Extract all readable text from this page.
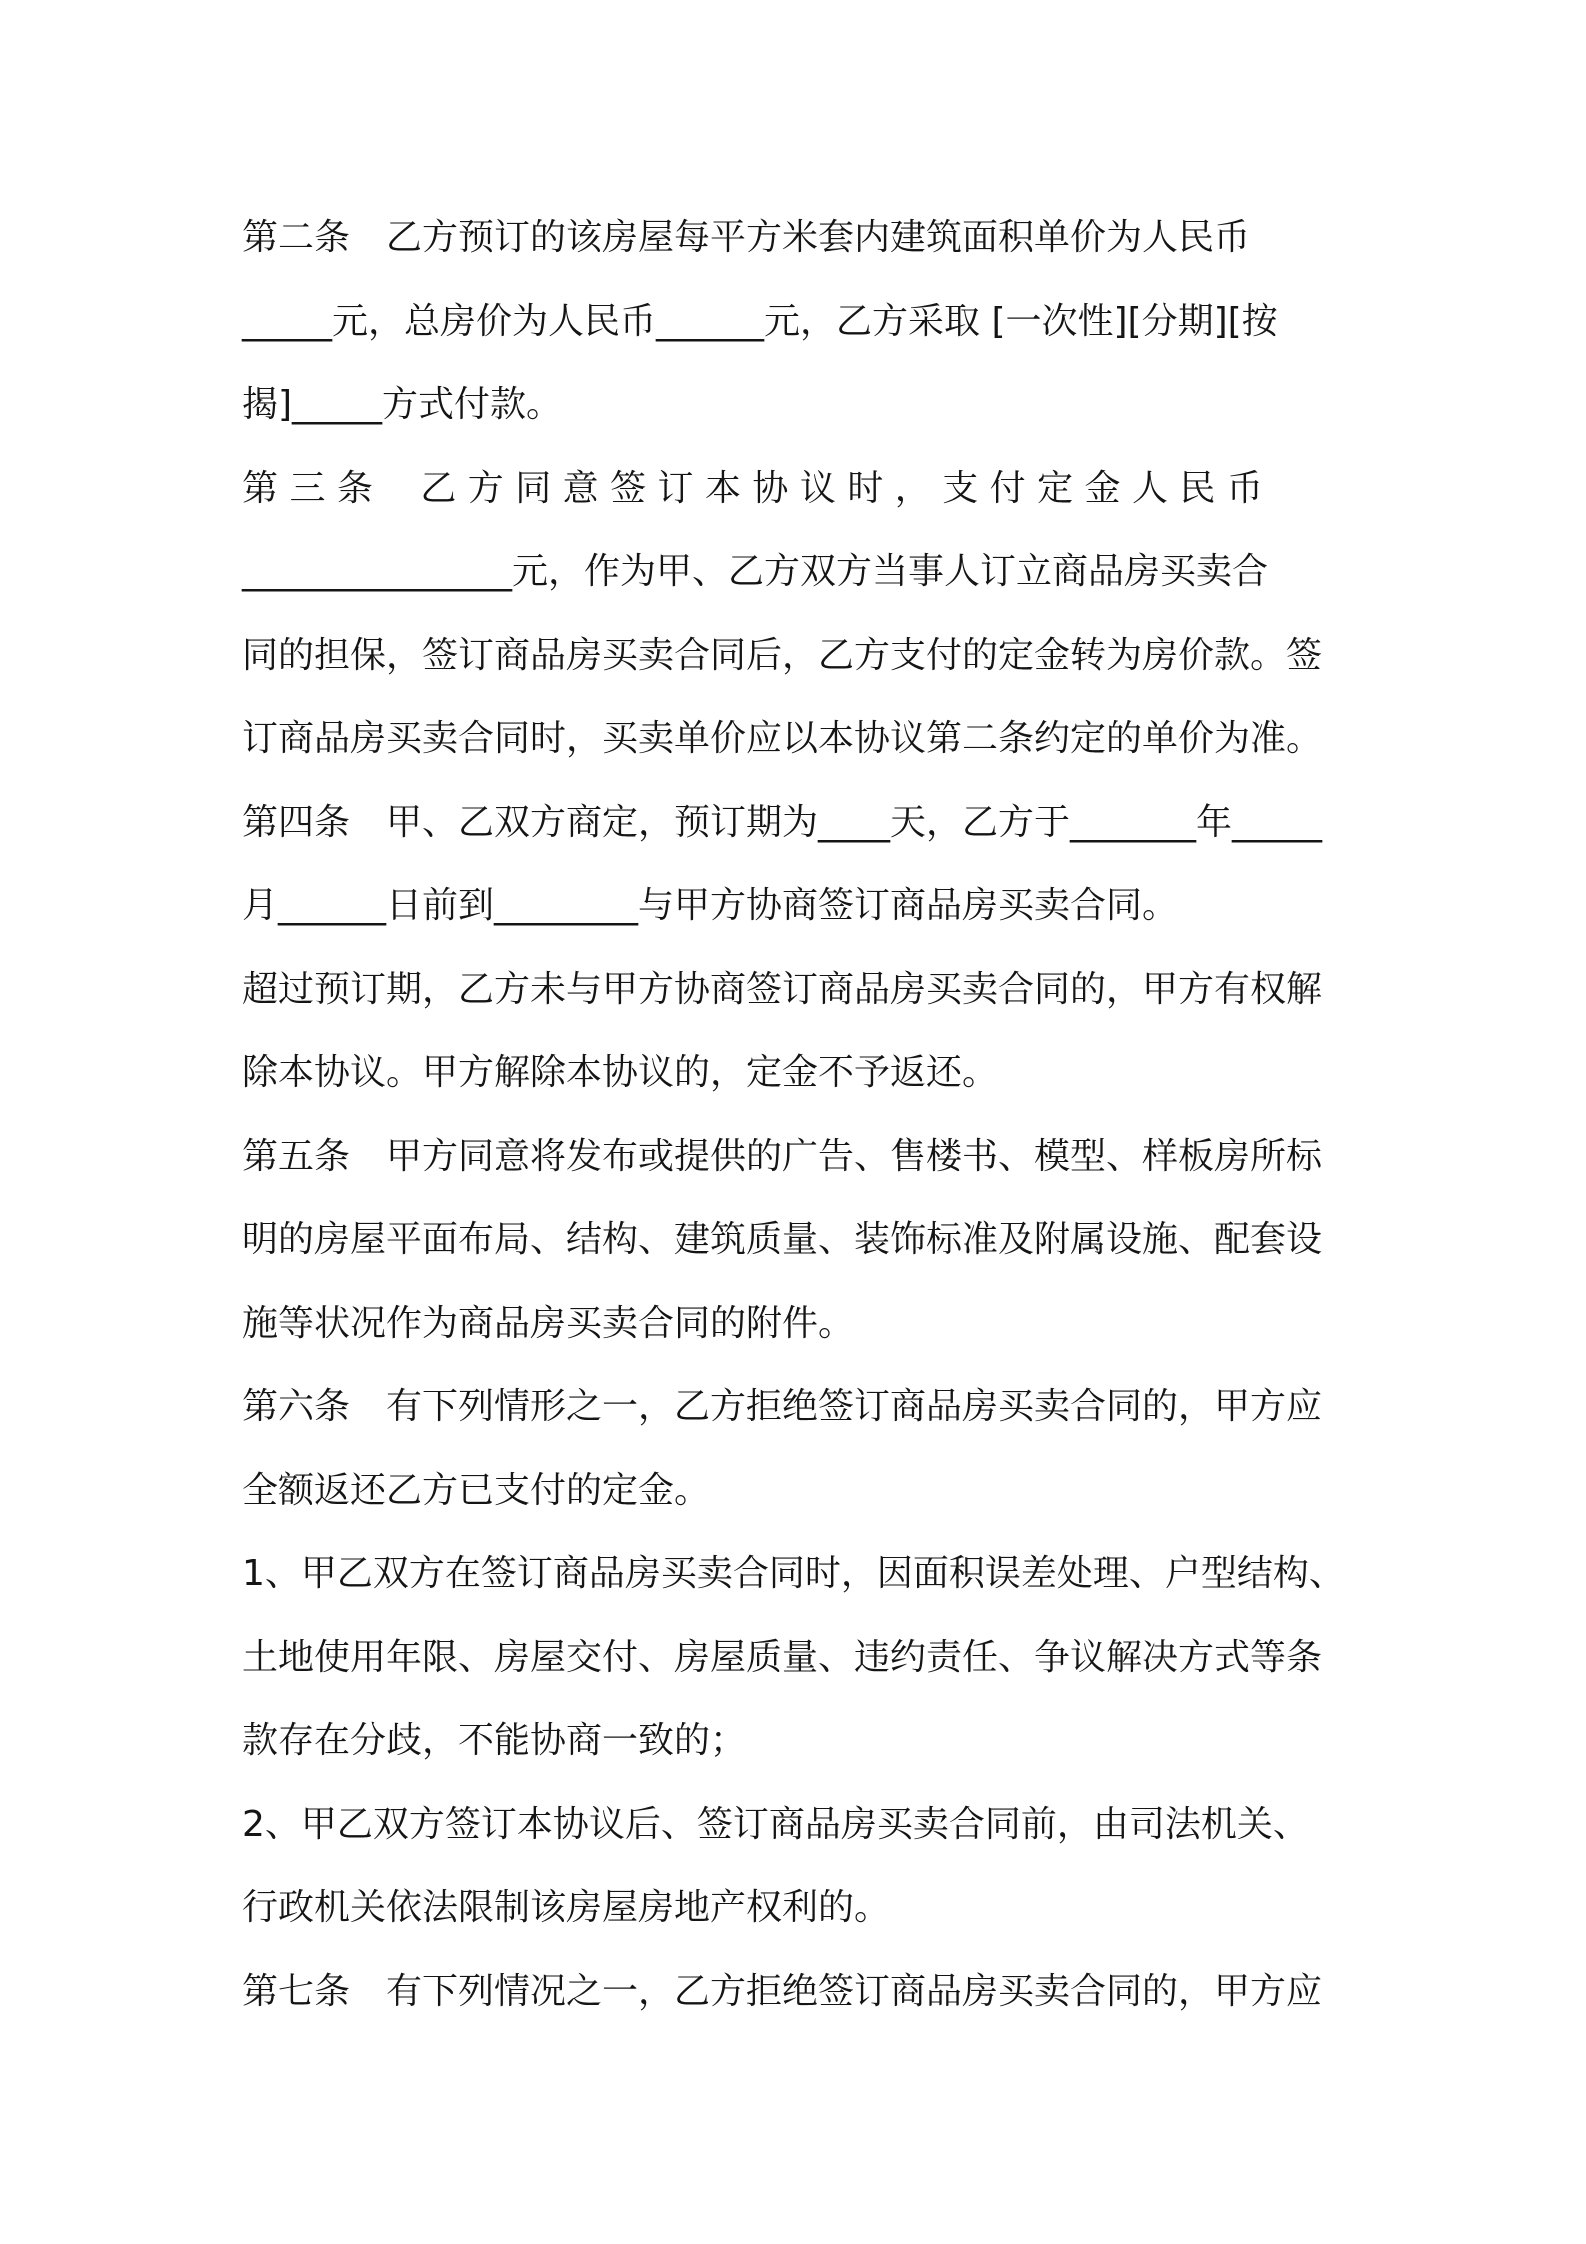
第二条　乙方预订的该房屋每平方米套内建筑面积单价为人民币
_____元，总房价为人民币______元，乙方采取 [一次性][分期][按
揭]_____方式付款。
第 三 条　 乙 方 同 意 签 订 本 协 议 时 ， 支 付 定 金 人 民 币
_______________元，作为甲、乙方双方当事人订立商品房买卖合
同的担保，签订商品房买卖合同后，乙方支付的定金转为房价款。签
订商品房买卖合同时，买卖单价应以本协议第二条约定的单价为准。
第四条　甲、乙双方商定，预订期为____天，乙方于_______年_____
月______日前到________与甲方协商签订商品房买卖合同。
超过预订期，乙方未与甲方协商签订商品房买卖合同的，甲方有权解
除本协议。甲方解除本协议的，定金不予返还。
第五条　甲方同意将发布或提供的广告、售楼书、模型、样板房所标
明的房屋平面布局、结构、建筑质量、装饰标准及附属设施、配套设
施等状况作为商品房买卖合同的附件。
第六条　有下列情形之一，乙方拒绝签订商品房买卖合同的，甲方应
全额返还乙方已支付的定金。
1、甲乙双方在签订商品房买卖合同时，因面积误差处理、户型结构、
土地使用年限、房屋交付、房屋质量、违约责任、争议解决方式等条
款存在分歧，不能协商一致的；
2、甲乙双方签订本协议后、签订商品房买卖合同前，由司法机关、
行政机关依法限制该房屋房地产权利的。
第七条　有下列情况之一，乙方拒绝签订商品房买卖合同的，甲方应
